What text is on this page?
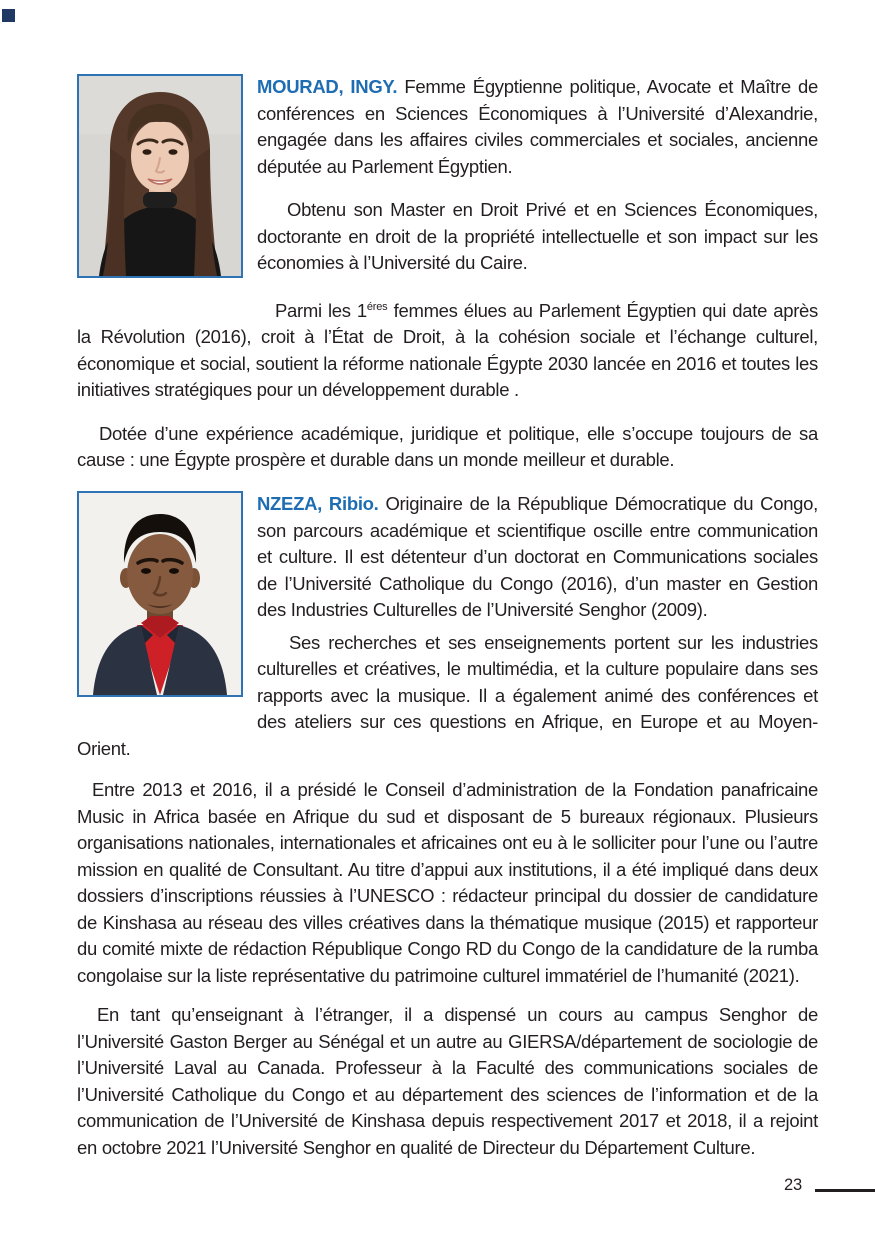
MOURAD, INGY. Femme Égyptienne politique, Avocate et Maître de conférences en Sciences Économiques à l’Université d’Alexandrie, engagée dans les affaires civiles commerciales et sociales, ancienne députée au Parlement Égyptien.

Obtenu son Master en Droit Privé et en Sciences Économiques, doctorante en droit de la propriété intellectuelle et son impact sur les économies à l’Université du Caire.

Parmi les $1^{éres}$ femmes élues au Parlement Égyptien qui date après la Révolution (2016), croit à l’État de Droit, à la cohésion sociale et l’échange culturel, économique et social, soutient la réforme nationale Égypte 2030 lancée en 2016 et toutes les initiatives stratégiques pour un développement durable .

Dotée d’une expérience académique, juridique et politique, elle s’occupe toujours de sa cause : une Égypte prospère et durable dans un monde meilleur et durable.

NZEZA, Ribio. Originaire de la République Démocratique du Congo, son parcours académique et scientifique oscille entre communication et culture. Il est détenteur d’un doctorat en Communications sociales de l’Université Catholique du Congo (2016), d’un master en Gestion des Industries Culturelles de l’Université Senghor (2009).

Ses recherches et ses enseignements portent sur les industries culturelles et créatives, le multimédia, et la culture populaire dans ses rapports avec la musique. Il a également animé des conférences et des ateliers sur ces questions en Afrique, en Europe et au Moyen-Orient.

Entre 2013 et 2016, il a présidé le Conseil d’administration de la Fondation panafricaine Music in Africa basée en Afrique du sud et disposant de 5 bureaux régionaux. Plusieurs organisations nationales, internationales et africaines ont eu à le solliciter pour l’une ou l’autre mission en qualité de Consultant. Au titre d’appui aux institutions, il a été impliqué dans deux dossiers d’inscriptions réussies à l’UNESCO : rédacteur principal du dossier de candidature de Kinshasa au réseau des villes créatives dans la thématique musique (2015) et rapporteur du comité mixte de rédaction République Congo RD du Congo de la candidature de la rumba congolaise sur la liste représentative du patrimoine culturel immatériel de l’humanité (2021).

En tant qu’enseignant à l’étranger, il a dispensé un cours au campus Senghor de l’Université Gaston Berger au Sénégal et un autre au GIERSA/département de sociologie de l’Université Laval au Canada. Professeur à la Faculté des communications sociales de l’Université Catholique du Congo et au département des sciences de l’information et de la communication de l’Université de Kinshasa depuis respectivement 2017 et 2018, il a rejoint en octobre 2021 l’Université Senghor en qualité de Directeur du Département Culture.

23
